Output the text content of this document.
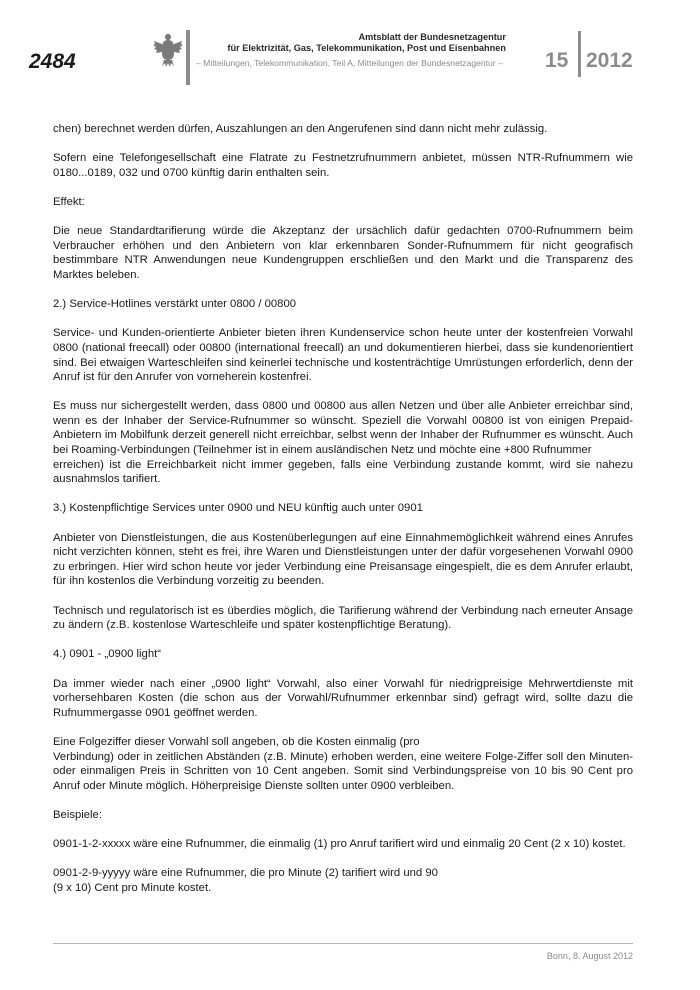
2484
Amtsblatt der Bundesnetzagentur
für Elektrizität, Gas, Telekommunikation, Post und Eisenbahnen
– Mitteilungen, Telekommunikation, Teil A, Mitteilungen der Bundesnetzagentur –	15 2012

chen) berechnet werden dürfen, Auszahlungen an den Angerufenen sind dann nicht mehr zulässig.

Sofern eine Telefongesellschaft eine Flatrate zu Festnetzrufnummern anbietet, müssen NTR-Rufnummern wie 0180...0189, 032 und 0700 künftig darin enthalten sein.

Effekt:

Die neue Standardtarifierung würde die Akzeptanz der ursächlich dafür gedachten 0700-Rufnummern beim Verbraucher erhöhen und den Anbietern von klar erkennbaren Sonder-Rufnummern für nicht geografisch bestimmbare NTR Anwendungen neue Kundengruppen erschließen und den Markt und die Transparenz des Marktes beleben.

2.) Service-Hotlines verstärkt unter 0800 / 00800

Service- und Kunden-orientierte Anbieter bieten ihren Kundenservice schon heute unter der kostenfreien Vorwahl 0800 (national freecall) oder 00800 (international freecall) an und dokumentieren hierbei, dass sie kundenorientiert sind. Bei etwaigen Warteschleifen sind keinerlei technische und kostenträchtige Umrüstungen erforderlich, denn der Anruf ist für den Anrufer von vorneherein kostenfrei.

Es muss nur sichergestellt werden, dass 0800 und 00800 aus allen Netzen und über alle Anbieter erreichbar sind, wenn es der Inhaber der Service-Rufnummer so wünscht. Speziell die Vorwahl 00800 ist von einigen Prepaid-Anbietern im Mobilfunk derzeit generell nicht erreichbar, selbst wenn der Inhaber der Rufnummer es wünscht. Auch bei Roaming-Verbindungen (Teilnehmer ist in einem ausländischen Netz und möchte eine +800 Rufnummer
erreichen) ist die Erreichbarkeit nicht immer gegeben, falls eine Verbindung zustande kommt, wird sie nahezu ausnahmslos tarifiert.

3.) Kostenpflichtige Services unter 0900 und NEU künftig auch unter 0901

Anbieter von Dienstleistungen, die aus Kostenüberlegungen auf eine Einnahmemöglichkeit während eines Anrufes nicht verzichten können, steht es frei, ihre Waren und Dienstleistungen unter der dafür vorgesehenen Vorwahl 0900 zu erbringen. Hier wird schon heute vor jeder Verbindung eine Preisansage eingespielt, die es dem Anrufer erlaubt, für ihn kostenlos die Verbindung vorzeitig zu beenden.

Technisch und regulatorisch ist es überdies möglich, die Tarifierung während der Verbindung nach erneuter Ansage zu ändern (z.B. kostenlose Warteschleife und später kostenpflichtige Beratung).

4.) 0901 - „0900 light“

Da immer wieder nach einer „0900 light“ Vorwahl, also einer Vorwahl für niedrigpreisige Mehrwertdienste mit vorhersehbaren Kosten (die schon aus der Vorwahl/Rufnummer erkennbar sind) gefragt wird, sollte dazu die Rufnummergasse 0901 geöffnet werden.

Eine Folgeziffer dieser Vorwahl soll angeben, ob die Kosten einmalig (pro
Verbindung) oder in zeitlichen Abständen (z.B. Minute) erhoben werden, eine weitere Folge-Ziffer soll den Minuten- oder einmaligen Preis in Schritten von 10 Cent angeben. Somit sind Verbindungspreise von 10 bis 90 Cent pro Anruf oder Minute möglich. Höherpreisige Dienste sollten unter 0900 verbleiben.

Beispiele:

0901-1-2-xxxxx wäre eine Rufnummer, die einmalig (1) pro Anruf tarifiert wird und einmalig 20 Cent (2 x 10) kostet.

0901-2-9-yyyyy wäre eine Rufnummer, die pro Minute (2) tarifiert wird und 90
(9 x 10) Cent pro Minute kostet.

Bonn, 8. August 2012
